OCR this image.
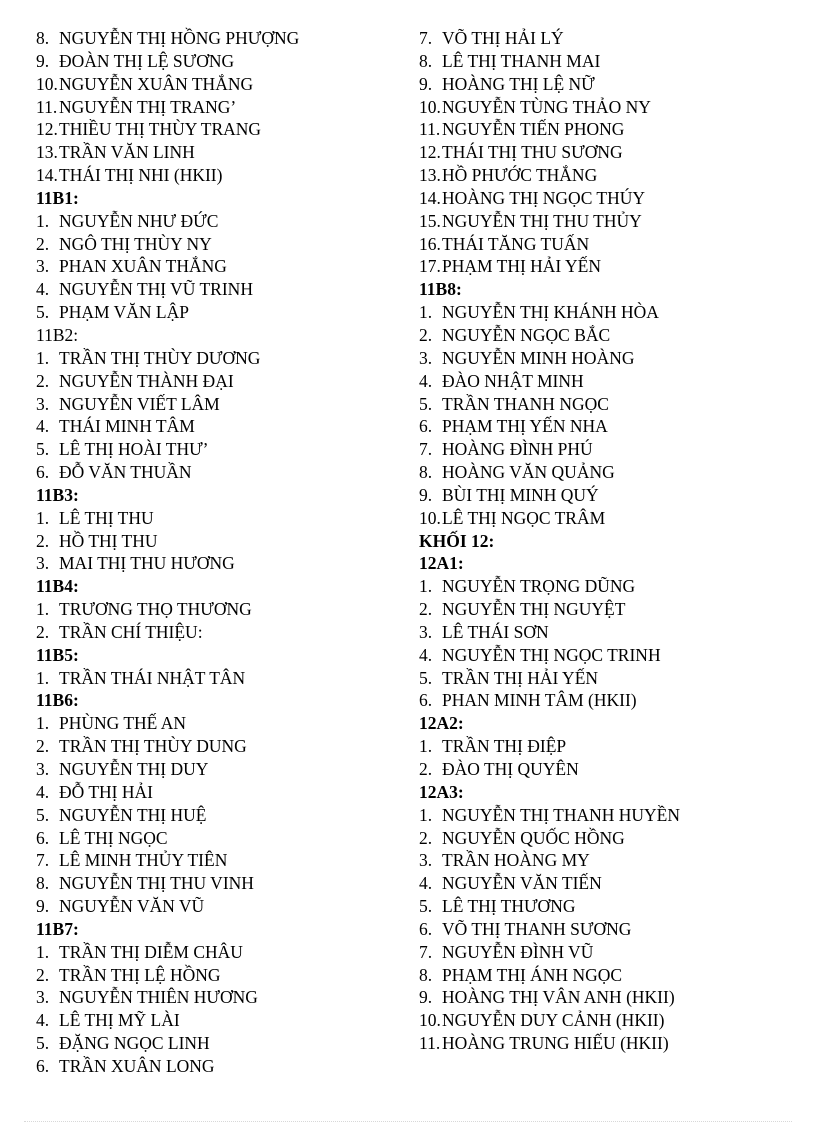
8. NGUYỄN THỊ HỒNG PHƯỢNG
9. ĐOÀN THỊ LỆ SƯƠNG
10.NGUYỄN XUÂN THẮNG
11. NGUYỄN THỊ TRANG’
12.THIỀU THỊ THÙY TRANG
13.TRẦN VĂN LINH
14.THÁI THỊ NHI (HKII)
11B1:
1. NGUYỄN NHƯ ĐỨC
2. NGÔ THỊ THÙY NY
3. PHAN XUÂN THẮNG
4. NGUYỄN THỊ VŨ TRINH
5. PHẠM VĂN LẬP
11B2:
1. TRẦN THỊ THÙY DƯƠNG
2. NGUYỄN THÀNH ĐẠI
3. NGUYỄN VIẾT LÂM
4. THÁI MINH TÂM
5. LÊ THỊ HOÀI THƯ’
6. ĐỖ VĂN THUẦN
11B3:
1. LÊ THỊ THU
2. HỒ THỊ THU
3. MAI THỊ THU HƯƠNG
11B4:
1. TRƯƠNG THỌ THƯƠNG
2. TRẦN CHÍ THIỆU:
11B5:
1. TRẦN THÁI NHẬT TÂN
11B6:
1. PHÙNG THẾ AN
2. TRẦN THỊ THÙY DUNG
3. NGUYỄN THỊ DUY
4. ĐỖ THỊ HẢI
5. NGUYỄN THỊ HUỆ
6. LÊ THỊ NGỌC
7. LÊ MINH THỦY TIÊN
8. NGUYỄN THỊ THU VINH
9. NGUYỄN VĂN VŨ
11B7:
1. TRẦN THỊ DIỄM CHÂU
2. TRẦN THỊ LỆ HỒNG
3. NGUYỄN THIÊN HƯƠNG
4. LÊ THỊ MỸ LÀI
5. ĐẶNG NGỌC LINH
6. TRẦN XUÂN LONG
7. VÕ THỊ HẢI LÝ
8. LÊ THỊ THANH MAI
9. HOÀNG THỊ LỆ NỮ
10.NGUYỄN TÙNG THẢO NY
11. NGUYỄN TIẾN PHONG
12.THÁI THỊ THU SƯƠNG
13.HỒ PHƯỚC THẮNG
14.HOÀNG THỊ NGỌC THÚY
15.NGUYỄN THỊ THU THỦY
16.THÁI TĂNG TUẤN
17.PHẠM THỊ HẢI YẾN
11B8:
1. NGUYỄN THỊ KHÁNH HÒA
2. NGUYỄN NGỌC BẮC
3. NGUYỄN MINH HOÀNG
4. ĐÀO NHẬT MINH
5. TRẦN THANH NGỌC
6. PHẠM THỊ YẾN NHA
7. HOÀNG ĐÌNH PHÚ
8. HOÀNG VĂN QUẢNG
9. BÙI THỊ MINH QUÝ
10.LÊ THỊ NGỌC TRÂM
KHỐI 12:
12A1:
1. NGUYỄN TRỌNG DŨNG
2. NGUYỄN THỊ NGUYỆT
3. LÊ THÁI SƠN
4. NGUYỄN THỊ NGỌC TRINH
5. TRẦN THỊ HẢI YẾN
6. PHAN MINH TÂM (HKII)
12A2:
1. TRẦN THỊ ĐIỆP
2. ĐÀO THỊ QUYÊN
12A3:
1. NGUYỄN THỊ THANH HUYỀN
2. NGUYỄN QUỐC HỒNG
3. TRẦN HOÀNG MY
4. NGUYỄN VĂN TIẾN
5. LÊ THỊ THƯƠNG
6. VÕ THỊ THANH SƯƠNG
7. NGUYỄN ĐÌNH VŨ
8. PHẠM THỊ ÁNH NGỌC
9. HOÀNG THỊ VÂN ANH (HKII)
10.NGUYỄN DUY CẢNH (HKII)
11. HOÀNG TRUNG HIẾU (HKII)
